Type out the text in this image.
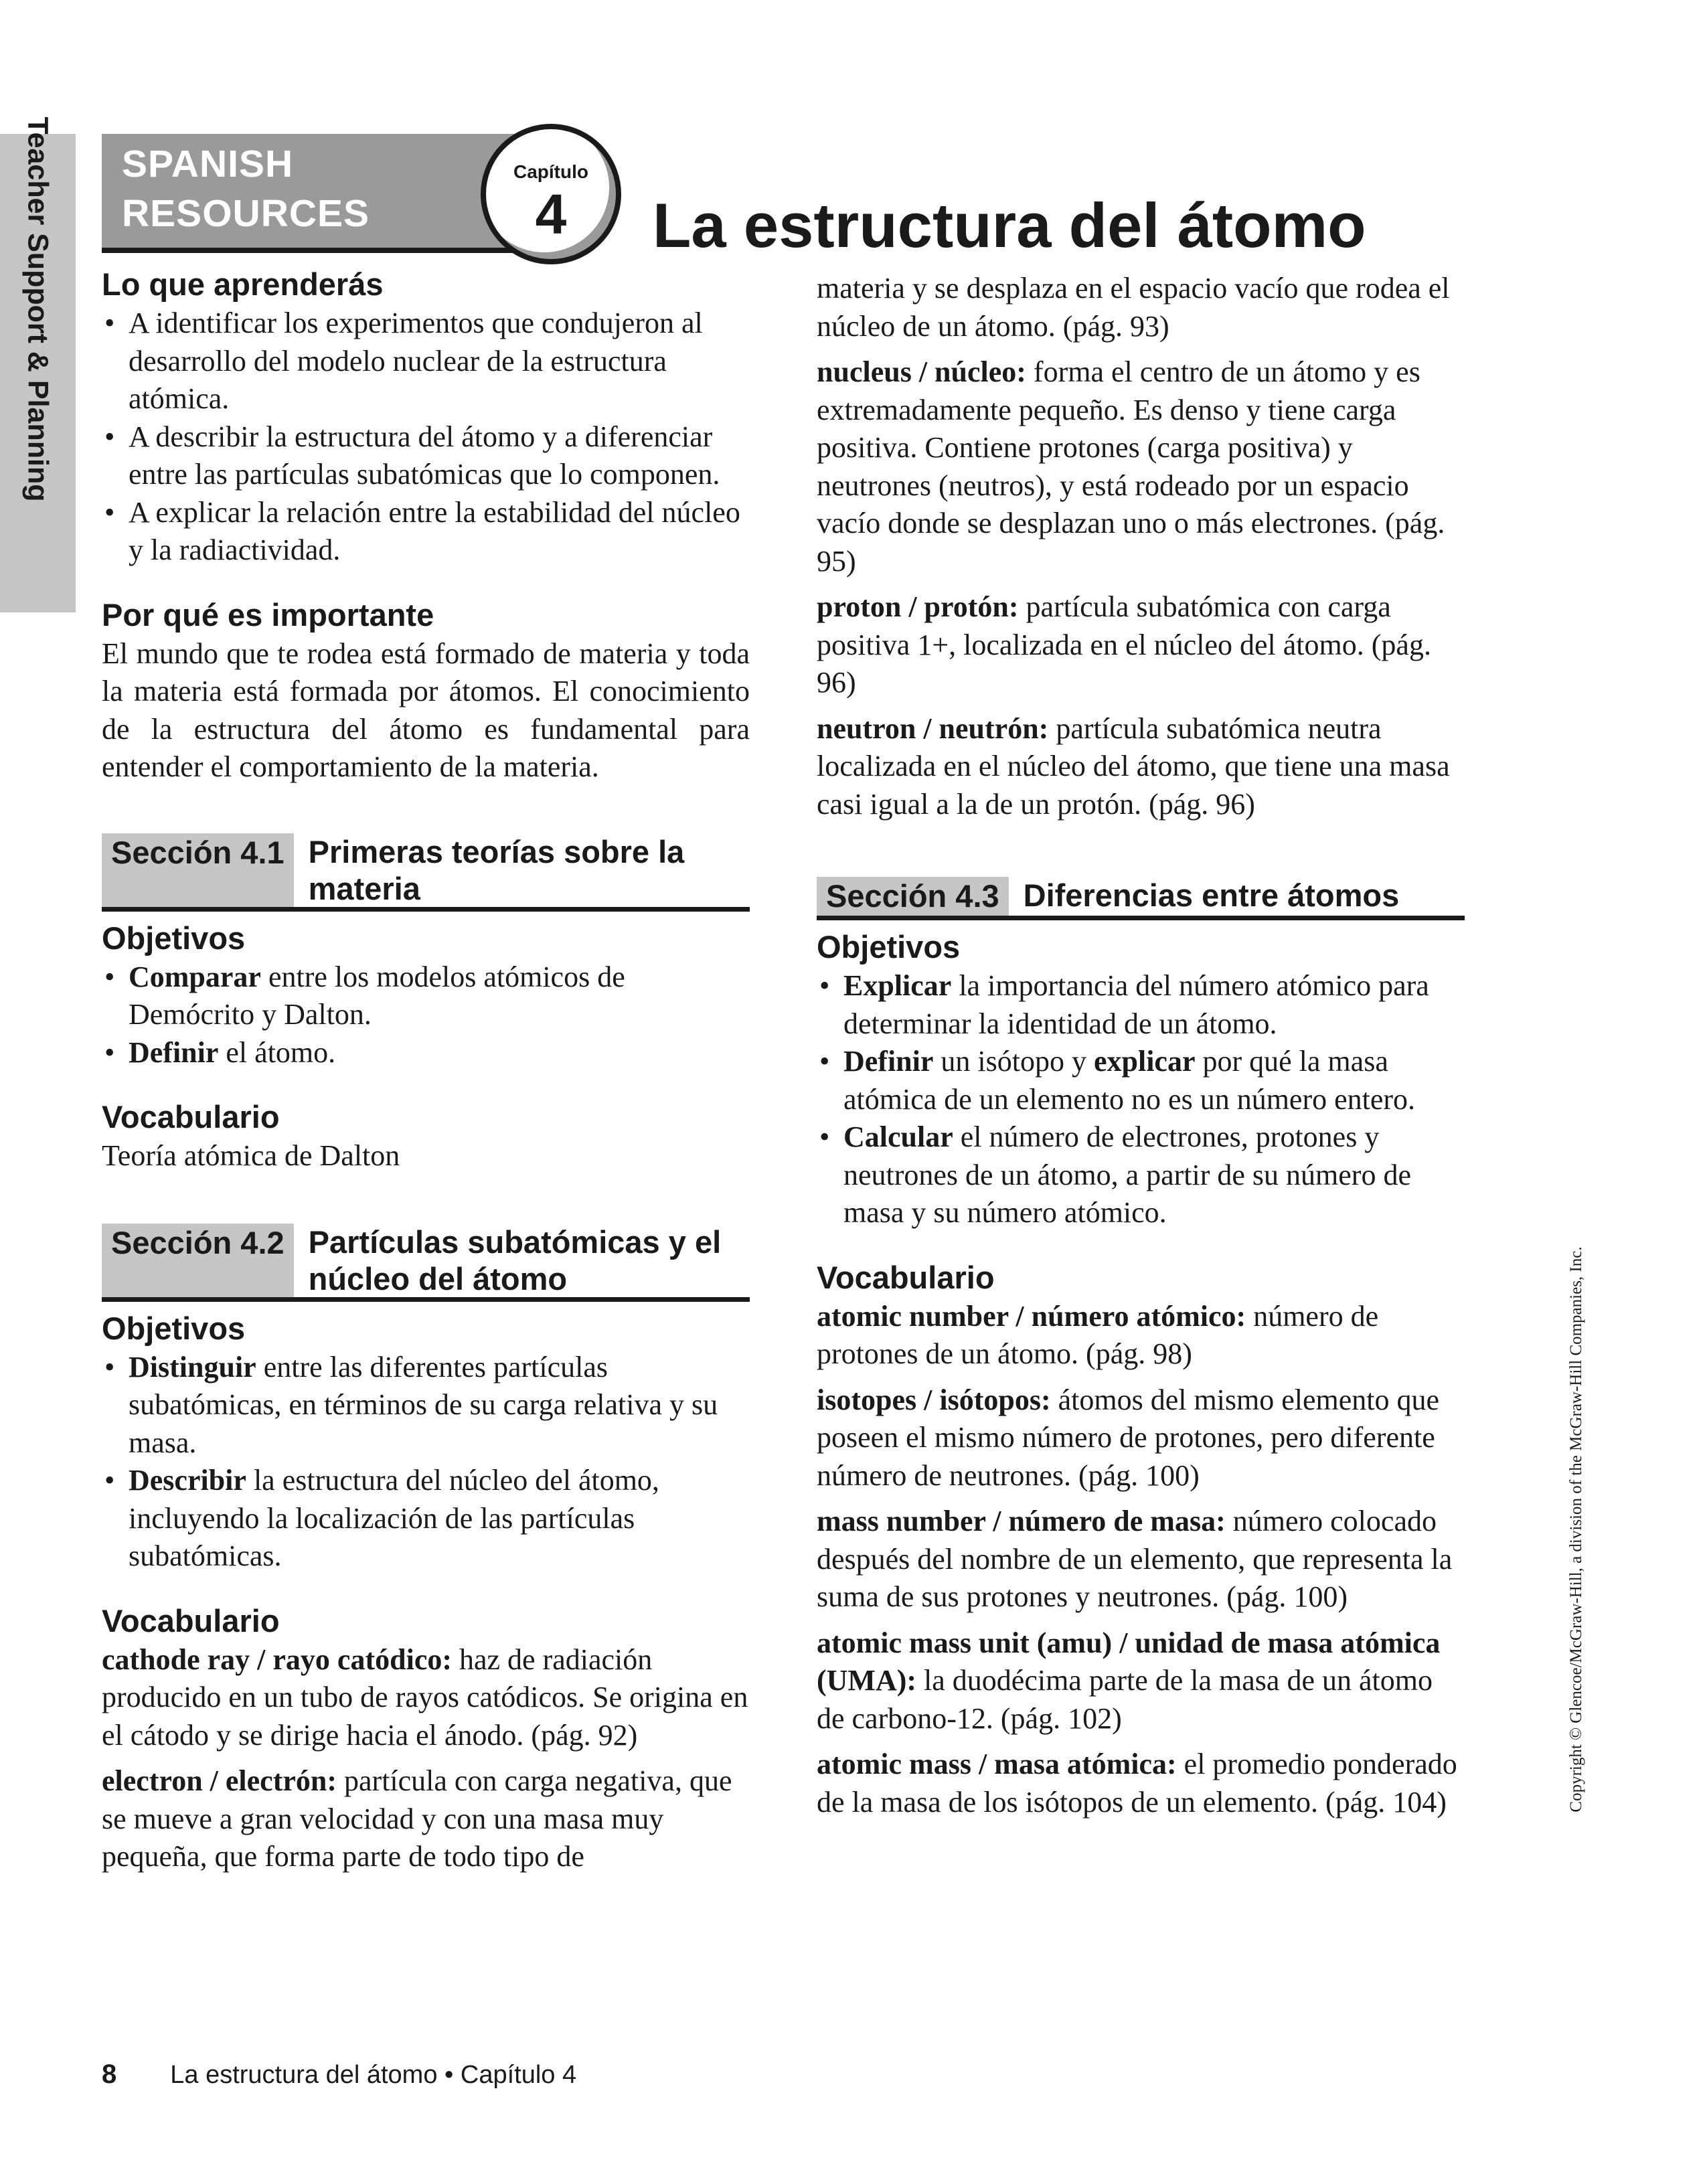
Teacher Support & Planning SPANISH
RESOURCES
Capítulo
4	La estructura del átomo
Lo que aprenderás
• A identificar los experimentos que condujeron al desarrollo del modelo nuclear de la estructura atómica.
• A describir la estructura del átomo y a diferenciar entre las partículas subatómicas que lo componen.
• A explicar la relación entre la estabilidad del núcleo y la radiactividad.
Por qué es importante

El mundo que te rodea está formado de materia y toda la materia está formada por átomos. El conocimiento de la estructura del átomo es fundamental para entender el comportamiento de la materia.

Sección 4.1 Primeras teorías sobre la materia
Objetivos
• Comparar entre los modelos atómicos de Demócrito y Dalton.
• Definir el átomo.
Vocabulario

Teoría atómica de Dalton

Sección 4.2 Partículas subatómicas y el núcleo del átomo
Objetivos
• Distinguir entre las diferentes partículas subatómicas, en términos de su carga relativa y su masa.
• Describir la estructura del núcleo del átomo, incluyendo la localización de las partículas subatómicas.
Vocabulario

cathode ray / rayo catódico: haz de radiación producido en un tubo de rayos catódicos. Se origina en el cátodo y se dirige hacia el ánodo. (pág. 92)

electron / electrón: partícula con carga negativa, que se mueve a gran velocidad y con una masa muy pequeña, que forma parte de todo tipo de

materia y se desplaza en el espacio vacío que rodea el núcleo de un átomo. (pág. 93)

nucleus / núcleo: forma el centro de un átomo y es extremadamente pequeño. Es denso y tiene carga positiva. Contiene protones (carga positiva) y neutrones (neutros), y está rodeado por un espacio vacío donde se desplazan uno o más electrones. (pág. 95)

proton / protón: partícula subatómica con carga positiva 1+, localizada en el núcleo del átomo. (pág. 96)

neutron / neutrón: partícula subatómica neutra localizada en el núcleo del átomo, que tiene una masa casi igual a la de un protón. (pág. 96)

Sección 4.3 Diferencias entre átomos
Objetivos
• Explicar la importancia del número atómico para determinar la identidad de un átomo.
• Definir un isótopo y explicar por qué la masa atómica de un elemento no es un número entero.
• Calcular el número de electrones, protones y neutrones de un átomo, a partir de su número de masa y su número atómico.
Vocabulario

atomic number / número atómico: número de protones de un átomo. (pág. 98)

isotopes / isótopos: átomos del mismo elemento que poseen el mismo número de protones, pero diferente número de neutrones. (pág. 100)

mass number / número de masa: número colocado después del nombre de un elemento, que representa la suma de sus protones y neutrones. (pág. 100)

atomic mass unit (amu) / unidad de masa atómica (UMA): la duodécima parte de la masa de un átomo de carbono-12. (pág. 102)

atomic mass / masa atómica: el promedio ponderado de la masa de los isótopos de un elemento. (pág. 104)	Copyright © Glencoe/McGraw-Hill, a division of the McGraw-Hill Companies, Inc.
8 La estructura del átomo • Capítulo 4
